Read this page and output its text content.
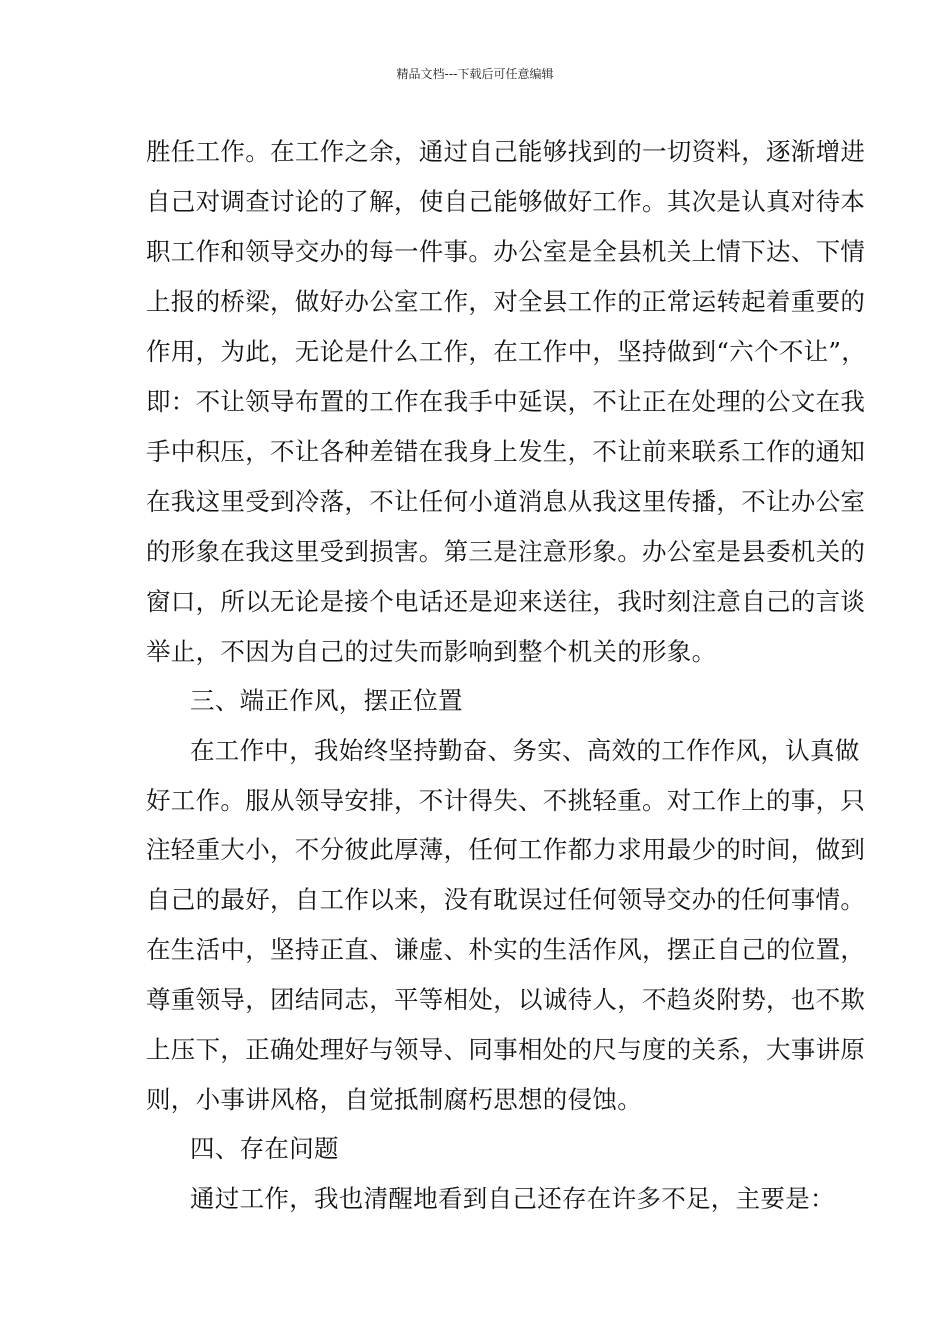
精品文档---下载后可任意编辑
胜任工作。在工作之余，通过自己能够找到的一切资料，逐渐增进
自己对调查讨论的了解，使自己能够做好工作。其次是认真对待本
职工作和领导交办的每一件事。办公室是全县机关上情下达、下情
上报的桥梁，做好办公室工作，对全县工作的正常运转起着重要的
作用，为此，无论是什么工作，在工作中，坚持做到“六个不让”，
即：不让领导布置的工作在我手中延误，不让正在处理的公文在我
手中积压，不让各种差错在我身上发生，不让前来联系工作的通知
在我这里受到冷落，不让任何小道消息从我这里传播，不让办公室
的形象在我这里受到损害。第三是注意形象。办公室是县委机关的
窗口，所以无论是接个电话还是迎来送往，我时刻注意自己的言谈
举止，不因为自己的过失而影响到整个机关的形象。
三、端正作风，摆正位置
在工作中，我始终坚持勤奋、务实、高效的工作作风，认真做
好工作。服从领导安排，不计得失、不挑轻重。对工作上的事，只
注轻重大小，不分彼此厚薄，任何工作都力求用最少的时间，做到
自己的最好，自工作以来，没有耽误过任何领导交办的任何事情。
在生活中，坚持正直、谦虚、朴实的生活作风，摆正自己的位置，
尊重领导，团结同志，平等相处，以诚待人，不趋炎附势，也不欺
上压下，正确处理好与领导、同事相处的尺与度的关系，大事讲原
则，小事讲风格，自觉抵制腐朽思想的侵蚀。
四、存在问题
通过工作，我也清醒地看到自己还存在许多不足，主要是：
